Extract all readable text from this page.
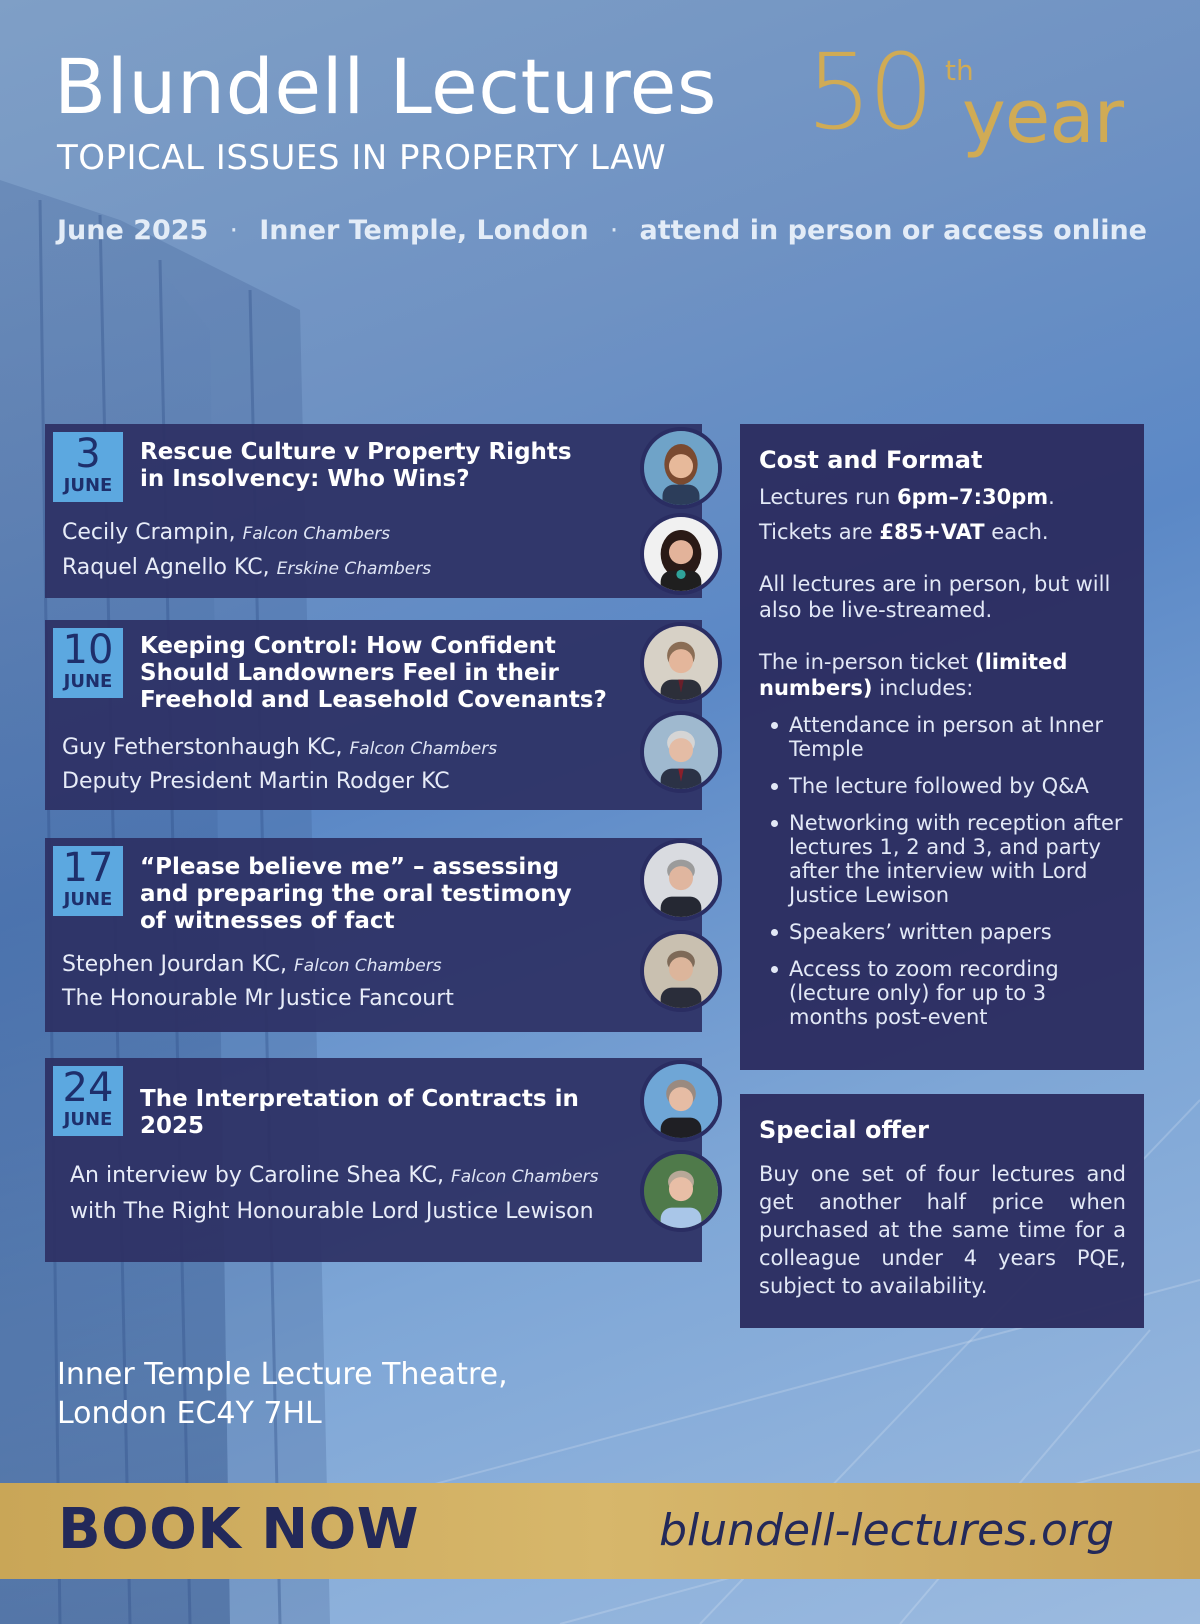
Blundell Lectures
TOPICAL ISSUES IN PROPERTY LAW
50 th
year
June 2025 · Inner Temple, London · attend in person or access online
3
JUNE
Rescue Culture v Property Rights in Insolvency: Who Wins?
Cecily Crampin, Falcon Chambers
Raquel Agnello KC, Erskine Chambers
10
JUNE
Keeping Control: How Confident Should Landowners Feel in their Freehold and Leasehold Covenants?
Guy Fetherstonhaugh KC, Falcon Chambers
Deputy President Martin Rodger KC
17
JUNE
“Please believe me” – assessing and preparing the oral testimony of witnesses of fact
Stephen Jourdan KC, Falcon Chambers
The Honourable Mr Justice Fancourt
24
JUNE
The Interpretation of Contracts in 2025
An interview by Caroline Shea KC, Falcon Chambers
with The Right Honourable Lord Justice Lewison
Cost and Format

Lectures run 6pm–7:30pm.

Tickets are £85+VAT each.

All lectures are in person, but will also be live-streamed.

The in-person ticket (limited numbers) includes:

Attendance in person at Inner Temple
The lecture followed by Q&A
Networking with reception after lectures 1, 2 and 3, and party after the interview with Lord Justice Lewison
Speakers’ written papers
Access to zoom recording (lecture only) for up to 3 months post-event
Special offer

Buy one set of four lectures and get another half price when purchased at the same time for a colleague under 4 years PQE, subject to availability.

Inner Temple Lecture Theatre,
London EC4Y 7HL
BOOK NOW	blundell-lectures.org
